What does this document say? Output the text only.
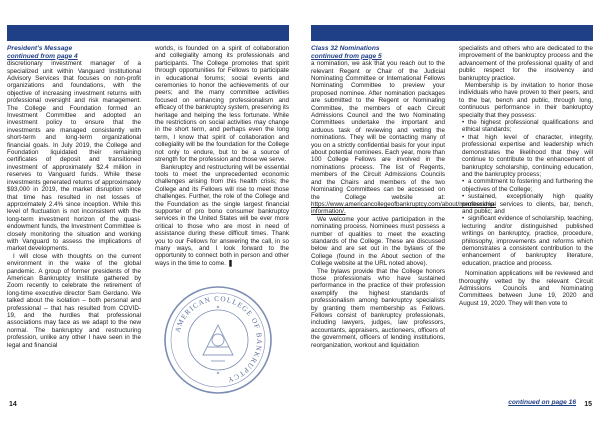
President’s Message
continued from page 4

discretionary investment manager of a specialized unit within Vanguard Institutional Advisory Services that focuses on non-profit organizations and foundations, with the objective of increasing investment returns with professional oversight and risk management. The College and Foundation formed an Investment Committee and adopted an investment policy to ensure that the investments are managed consistently with short-term and long-term organizational financial goals. In July 2019, the College and Foundation liquidated their remaining certificates of deposit and transitioned investment of approximately $2.4 million in reserves to Vanguard funds. While these investments generated returns of approximately $93,000 in 2019, the market disruption since that time has resulted in net losses of approximately 2.4% since inception. While this level of fluctuation is not inconsistent with the long-term investment horizon of the quasi-endowment funds, the Investment Committee is closely monitoring the situation and working with Vanguard to assess the implications of market developments.

I will close with thoughts on the current environment in the wake of the global pandemic. A group of former presidents of the American Bankruptcy Institute gathered by Zoom recently to celebrate the retirement of long-time executive director Sam Gerdano. We talked about the isolation – both personal and professional – that has resulted from COVID-19, and the hurdles that professional associations may face as we adapt to the new normal. The bankruptcy and restructuring profession, unlike any other I have seen in the legal and financial

worlds, is founded on a spirit of collaboration and collegiality among its professionals and participants. The College promotes that spirit through opportunities for Fellows to participate in educational forums; social events and ceremonies to honor the achievements of our peers; and the many committee activities focused on enhancing professionalism and efficacy of the bankruptcy system, preserving its heritage and helping the less fortunate. While the restrictions on social activities may change in the short term, and perhaps even the long term, I know that spirit of collaboration and collegiality will be the foundation for the College not only to endure, but to be a source of strength for the profession and those we serve.

Bankruptcy and restructuring will be essential tools to meet the unprecedented economic challenges arising from this health crisis; the College and its Fellows will rise to meet those challenges. Further, the role of the College and the Foundation as the single largest financial supporter of pro bono consumer bankruptcy services in the United States will be ever more critical to those who are most in need of assistance during these difficult times. Thank you to our Fellows for answering the call, in so many ways, and I look forward to the opportunity to connect both in person and other ways in the time to come. ❚

AMERICAN COLLEGE OF BANKRUPTCY
14
Class 32 Nominations
continued from page 5

a nomination, we ask that you reach out to the relevant Regent or Chair of the Judicial Nominating Committee or International Fellows Nominating Committee to preview your proposed nominee. After nomination packages are submitted to the Regent or Nominating Committee, the members of each Circuit Admissions Council and the two Nominating Committees undertake the important and arduous task of reviewing and vetting the nominations. They will be contacting many of you on a strictly confidential basis for your input about potential nominees. Each year, more than 100 College Fellows are involved in the nominations process. The list of Regents, members of the Circuit Admissions Councils and the Chairs and members of the two Nominating Committees can be accessed on the College website at: https://www.americancollegeofbankruptcy.com/about/membership-information/.

We welcome your active participation in the nominating process. Nominees must possess a number of qualities to meet the exacting standards of the College. These are discussed below and are set out in the bylaws of the College (found in the About section of the College website at the URL noted above).

The bylaws provide that the College honors those professionals who have sustained performance in the practice of their profession exemplify the highest standards of professionalism among bankruptcy specialists by granting them membership as Fellows. Fellows consist of bankruptcy professionals, including lawyers, judges, law professors, accountants, appraisers, auctioneers, officers of the government, officers of lending institutions, reorganization, workout and liquidation

specialists and others who are dedicated to the improvement of the bankruptcy process and the advancement of the professional quality of and public respect for the insolvency and bankruptcy practice.

Membership is by invitation to honor those individuals who have proven to their peers, and to the bar, bench and public, through long, continuous performance in their bankruptcy specialty that they possess:

• the highest professional qualifications and ethical standards;

• that high level of character, integrity, professional expertise and leadership which demonstrates the likelihood that they will continue to contribute to the enhancement of bankruptcy scholarship, continuing education, and the bankruptcy process;

• a commitment to fostering and furthering the objectives of the College;

• sustained, exceptionally high quality professional services to clients, bar, bench, and public; and

• significant evidence of scholarship, teaching, lecturing and/or distinguished published writings on bankruptcy, practice, procedure, philosophy, improvements and reforms which demonstrates a consistent contribution to the enhancement of bankruptcy literature, education, practice and process.

Nomination applications will be reviewed and thoroughly vetted by the relevant Circuit Admissions Councils and Nominating Committees between June 19, 2020 and August 19, 2020. They will then vote to

continued on page 16 15
